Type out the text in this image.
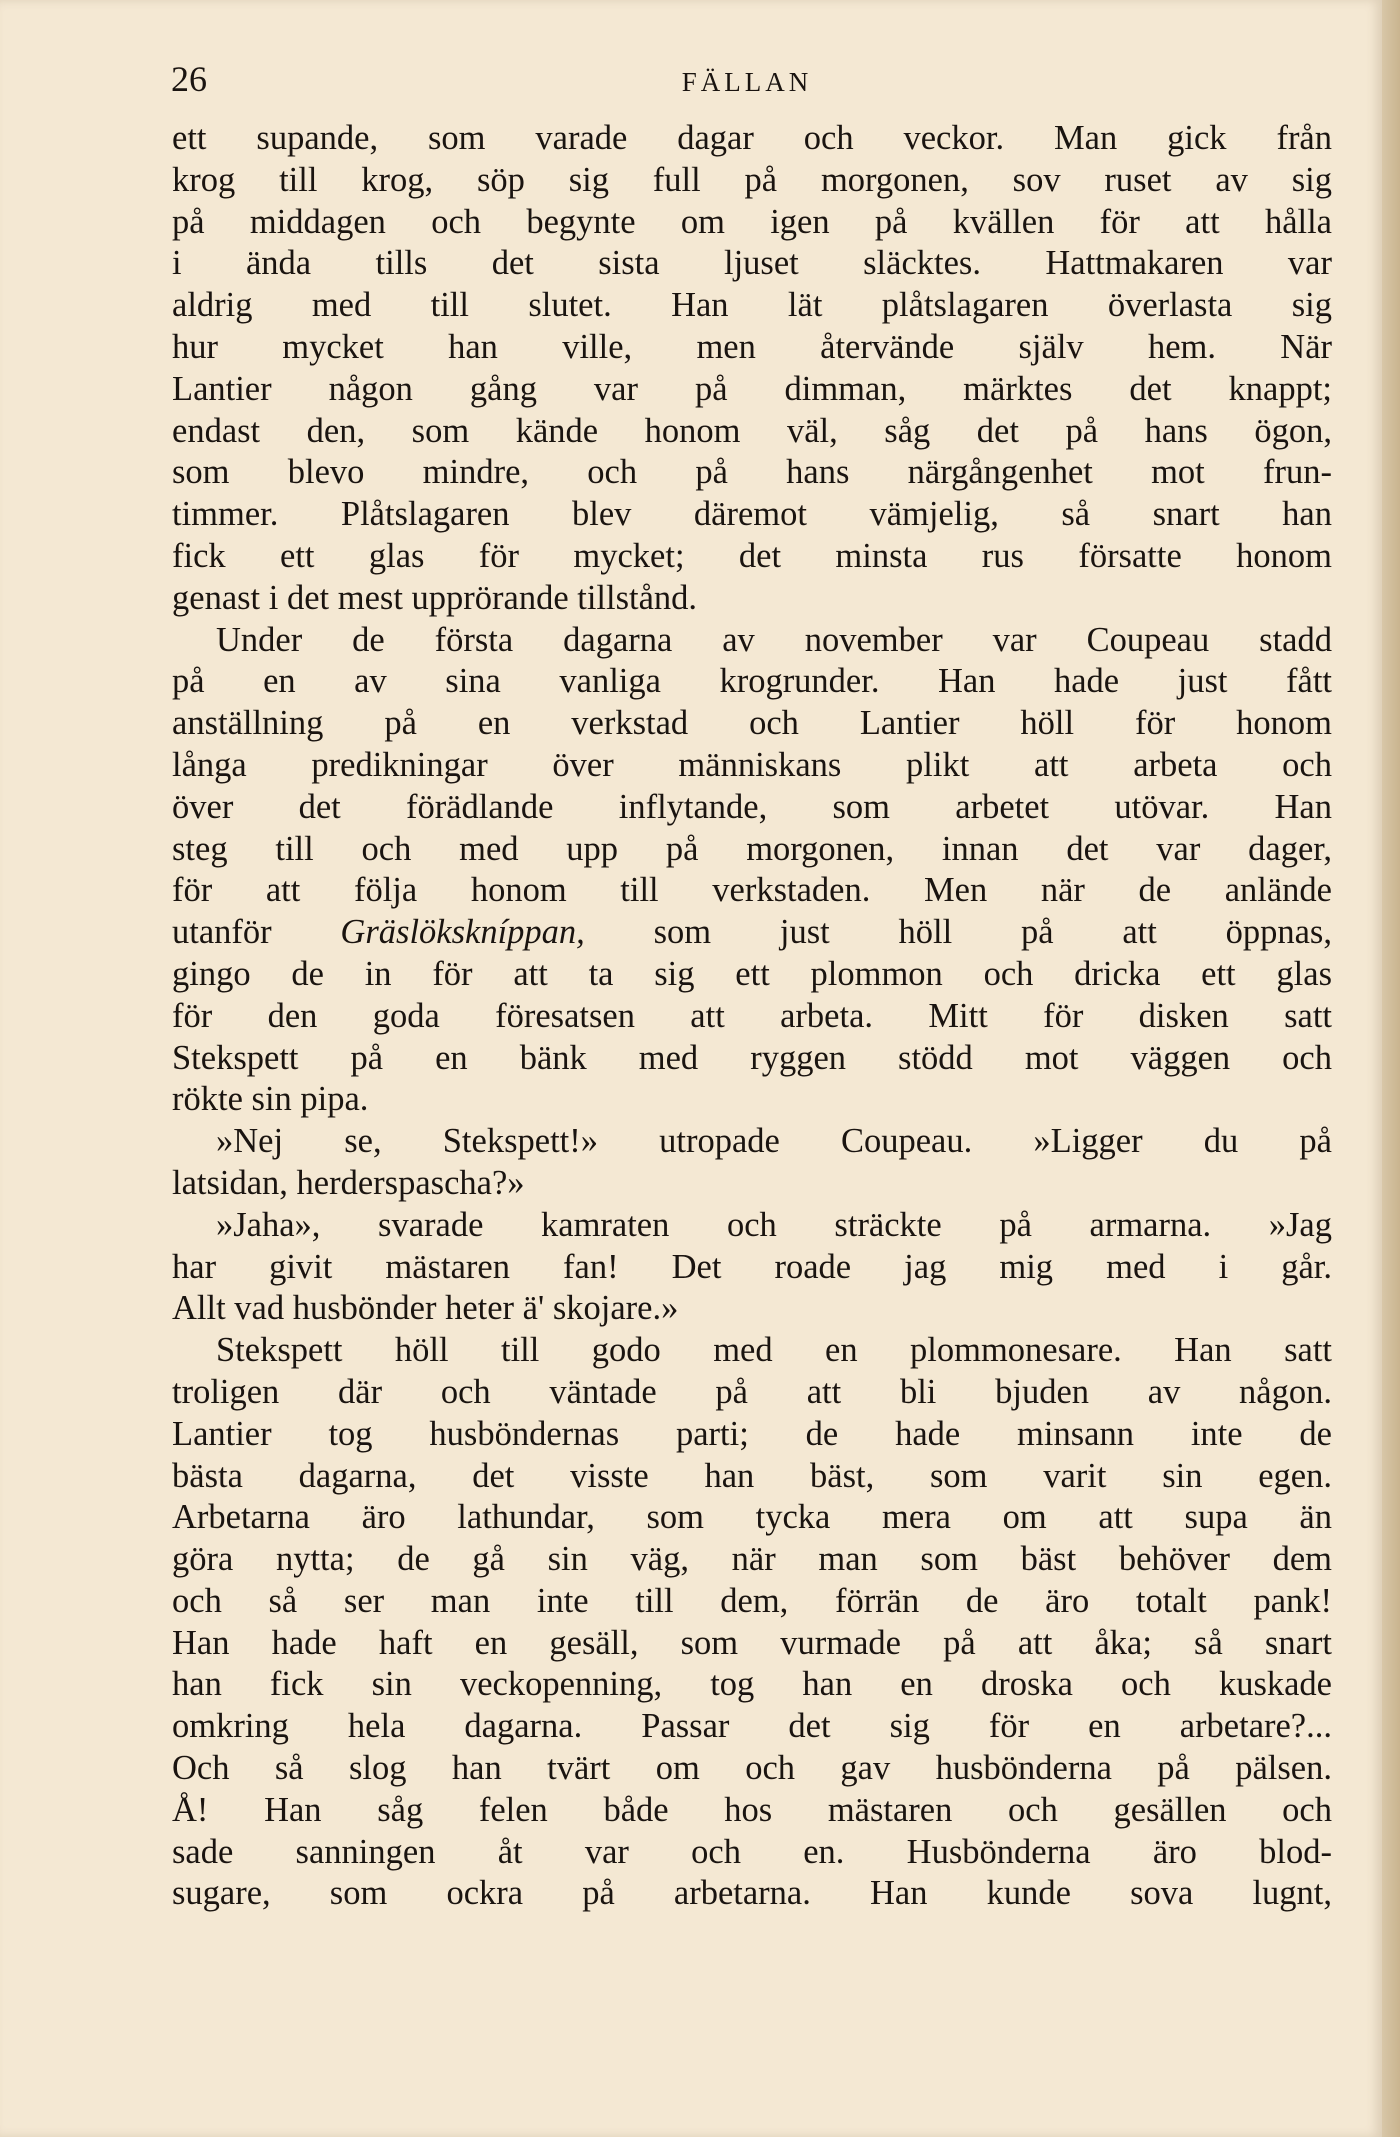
26	FÄLLAN
ett supande, som varade dagar och veckor. Man gick från
krog till krog, söp sig full på morgonen, sov ruset av sig
på middagen och begynte om igen på kvällen för att hålla
i ända tills det sista ljuset släcktes. Hattmakaren var
aldrig med till slutet. Han lät plåtslagaren överlasta sig
hur mycket han ville, men återvände själv hem. När
Lantier någon gång var på dimman, märktes det knappt;
endast den, som kände honom väl, såg det på hans ögon,
som blevo mindre, och på hans närgångenhet mot frun-
timmer. Plåtslagaren blev däremot vämjelig, så snart han
fick ett glas för mycket; det minsta rus försatte honom
genast i det mest upprörande tillstånd.
Under de första dagarna av november var Coupeau stadd
på en av sina vanliga krogrunder. Han hade just fått
anställning på en verkstad och Lantier höll för honom
långa predikningar över människans plikt att arbeta och
över det förädlande inflytande, som arbetet utövar. Han
steg till och med upp på morgonen, innan det var dager,
för att följa honom till verkstaden. Men när de anlände
utanför Gräslökskníppan, som just höll på att öppnas,
gingo de in för att ta sig ett plommon och dricka ett glas
för den goda föresatsen att arbeta. Mitt för disken satt
Stekspett på en bänk med ryggen stödd mot väggen och
rökte sin pipa.
»Nej se, Stekspett!» utropade Coupeau. »Ligger du på
latsidan, herderspascha?»
»Jaha», svarade kamraten och sträckte på armarna. »Jag
har givit mästaren fan! Det roade jag mig med i går.
Allt vad husbönder heter ä' skojare.»
Stekspett höll till godo med en plommonesare. Han satt
troligen där och väntade på att bli bjuden av någon.
Lantier tog husböndernas parti; de hade minsann inte de
bästa dagarna, det visste han bäst, som varit sin egen.
Arbetarna äro lathundar, som tycka mera om att supa än
göra nytta; de gå sin väg, när man som bäst behöver dem
och så ser man inte till dem, förrän de äro totalt pank!
Han hade haft en gesäll, som vurmade på att åka; så snart
han fick sin veckopenning, tog han en droska och kuskade
omkring hela dagarna. Passar det sig för en arbetare?...
Och så slog han tvärt om och gav husbönderna på pälsen.
Å! Han såg felen både hos mästaren och gesällen och
sade sanningen åt var och en. Husbönderna äro blod-
sugare, som ockra på arbetarna. Han kunde sova lugnt,
